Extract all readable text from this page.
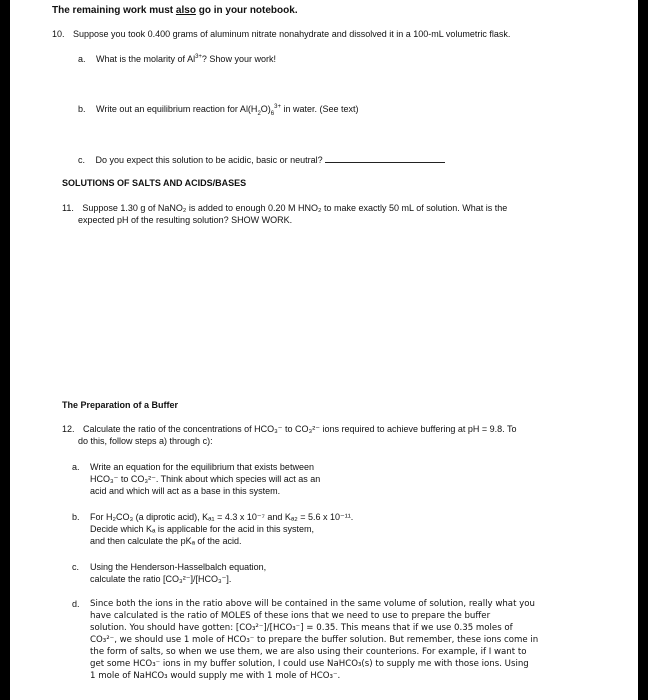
The remaining work must also go in your notebook.
10. Suppose you took 0.400 grams of aluminum nitrate nonahydrate and dissolved it in a 100-mL volumetric flask.
a. What is the molarity of $Al^{3+}$? Show your work!
b. Write out an equilibrium reaction for $Al(H_2O)_6^{3+}$ in water. (See text)
c. Do you expect this solution to be acidic, basic or neutral?
SOLUTIONS OF SALTS AND ACIDS/BASES
11. Suppose 1.30 g of NaNO₂ is added to enough 0.20 M HNO₂ to make exactly 50 mL of solution. What is the
expected pH of the resulting solution? SHOW WORK.
The Preparation of a Buffer
12. Calculate the ratio of the concentrations of HCO₃⁻ to CO₃²⁻ ions required to achieve buffering at pH = 9.8. To
do this, follow steps a) through c):
a. Write an equation for the equilibrium that exists between
HCO₃⁻ to CO₃²⁻. Think about which species will act as an
acid and which will act as a base in this system.
b. For H₂CO₃ (a diprotic acid), Kₐ₁ = 4.3 x 10⁻⁷ and Kₐ₂ = 5.6 x 10⁻¹¹.
Decide which Kₐ is applicable for the acid in this system,
and then calculate the pKₐ of the acid.
c. Using the Henderson-Hasselbalch equation,
calculate the ratio [CO₃²⁻]/[HCO₃⁻].
d. Since both the ions in the ratio above will be contained in the same volume of solution, really what you
have calculated is the ratio of MOLES of these ions that we need to use to prepare the buffer
solution. You should have gotten: [CO₃²⁻]/[HCO₃⁻] = 0.35. This means that if we use 0.35 moles of
CO₃²⁻, we should use 1 mole of HCO₃⁻ to prepare the buffer solution. But remember, these ions come in
the form of salts, so when we use them, we are also using their counterions. For example, if I want to
get some HCO₃⁻ ions in my buffer solution, I could use NaHCO₃(s) to supply me with those ions. Using
1 mole of NaHCO₃ would supply me with 1 mole of HCO₃⁻.
